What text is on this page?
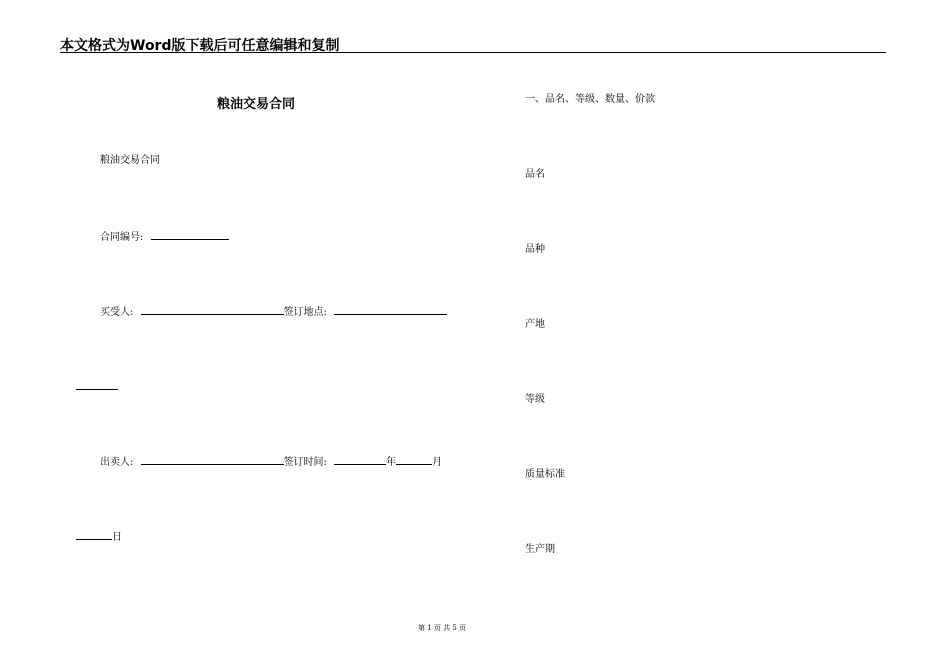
本文格式为Word版下载后可任意编辑和复制
粮油交易合同
粮油交易合同
合同编号:
买受人:	签订地点:
出卖人:	签订时间:	年	月
日
一、品名、等级、数量、价款
品名
品种
产地
等级
质量标准
生产期
第 1 页 共 5 页
